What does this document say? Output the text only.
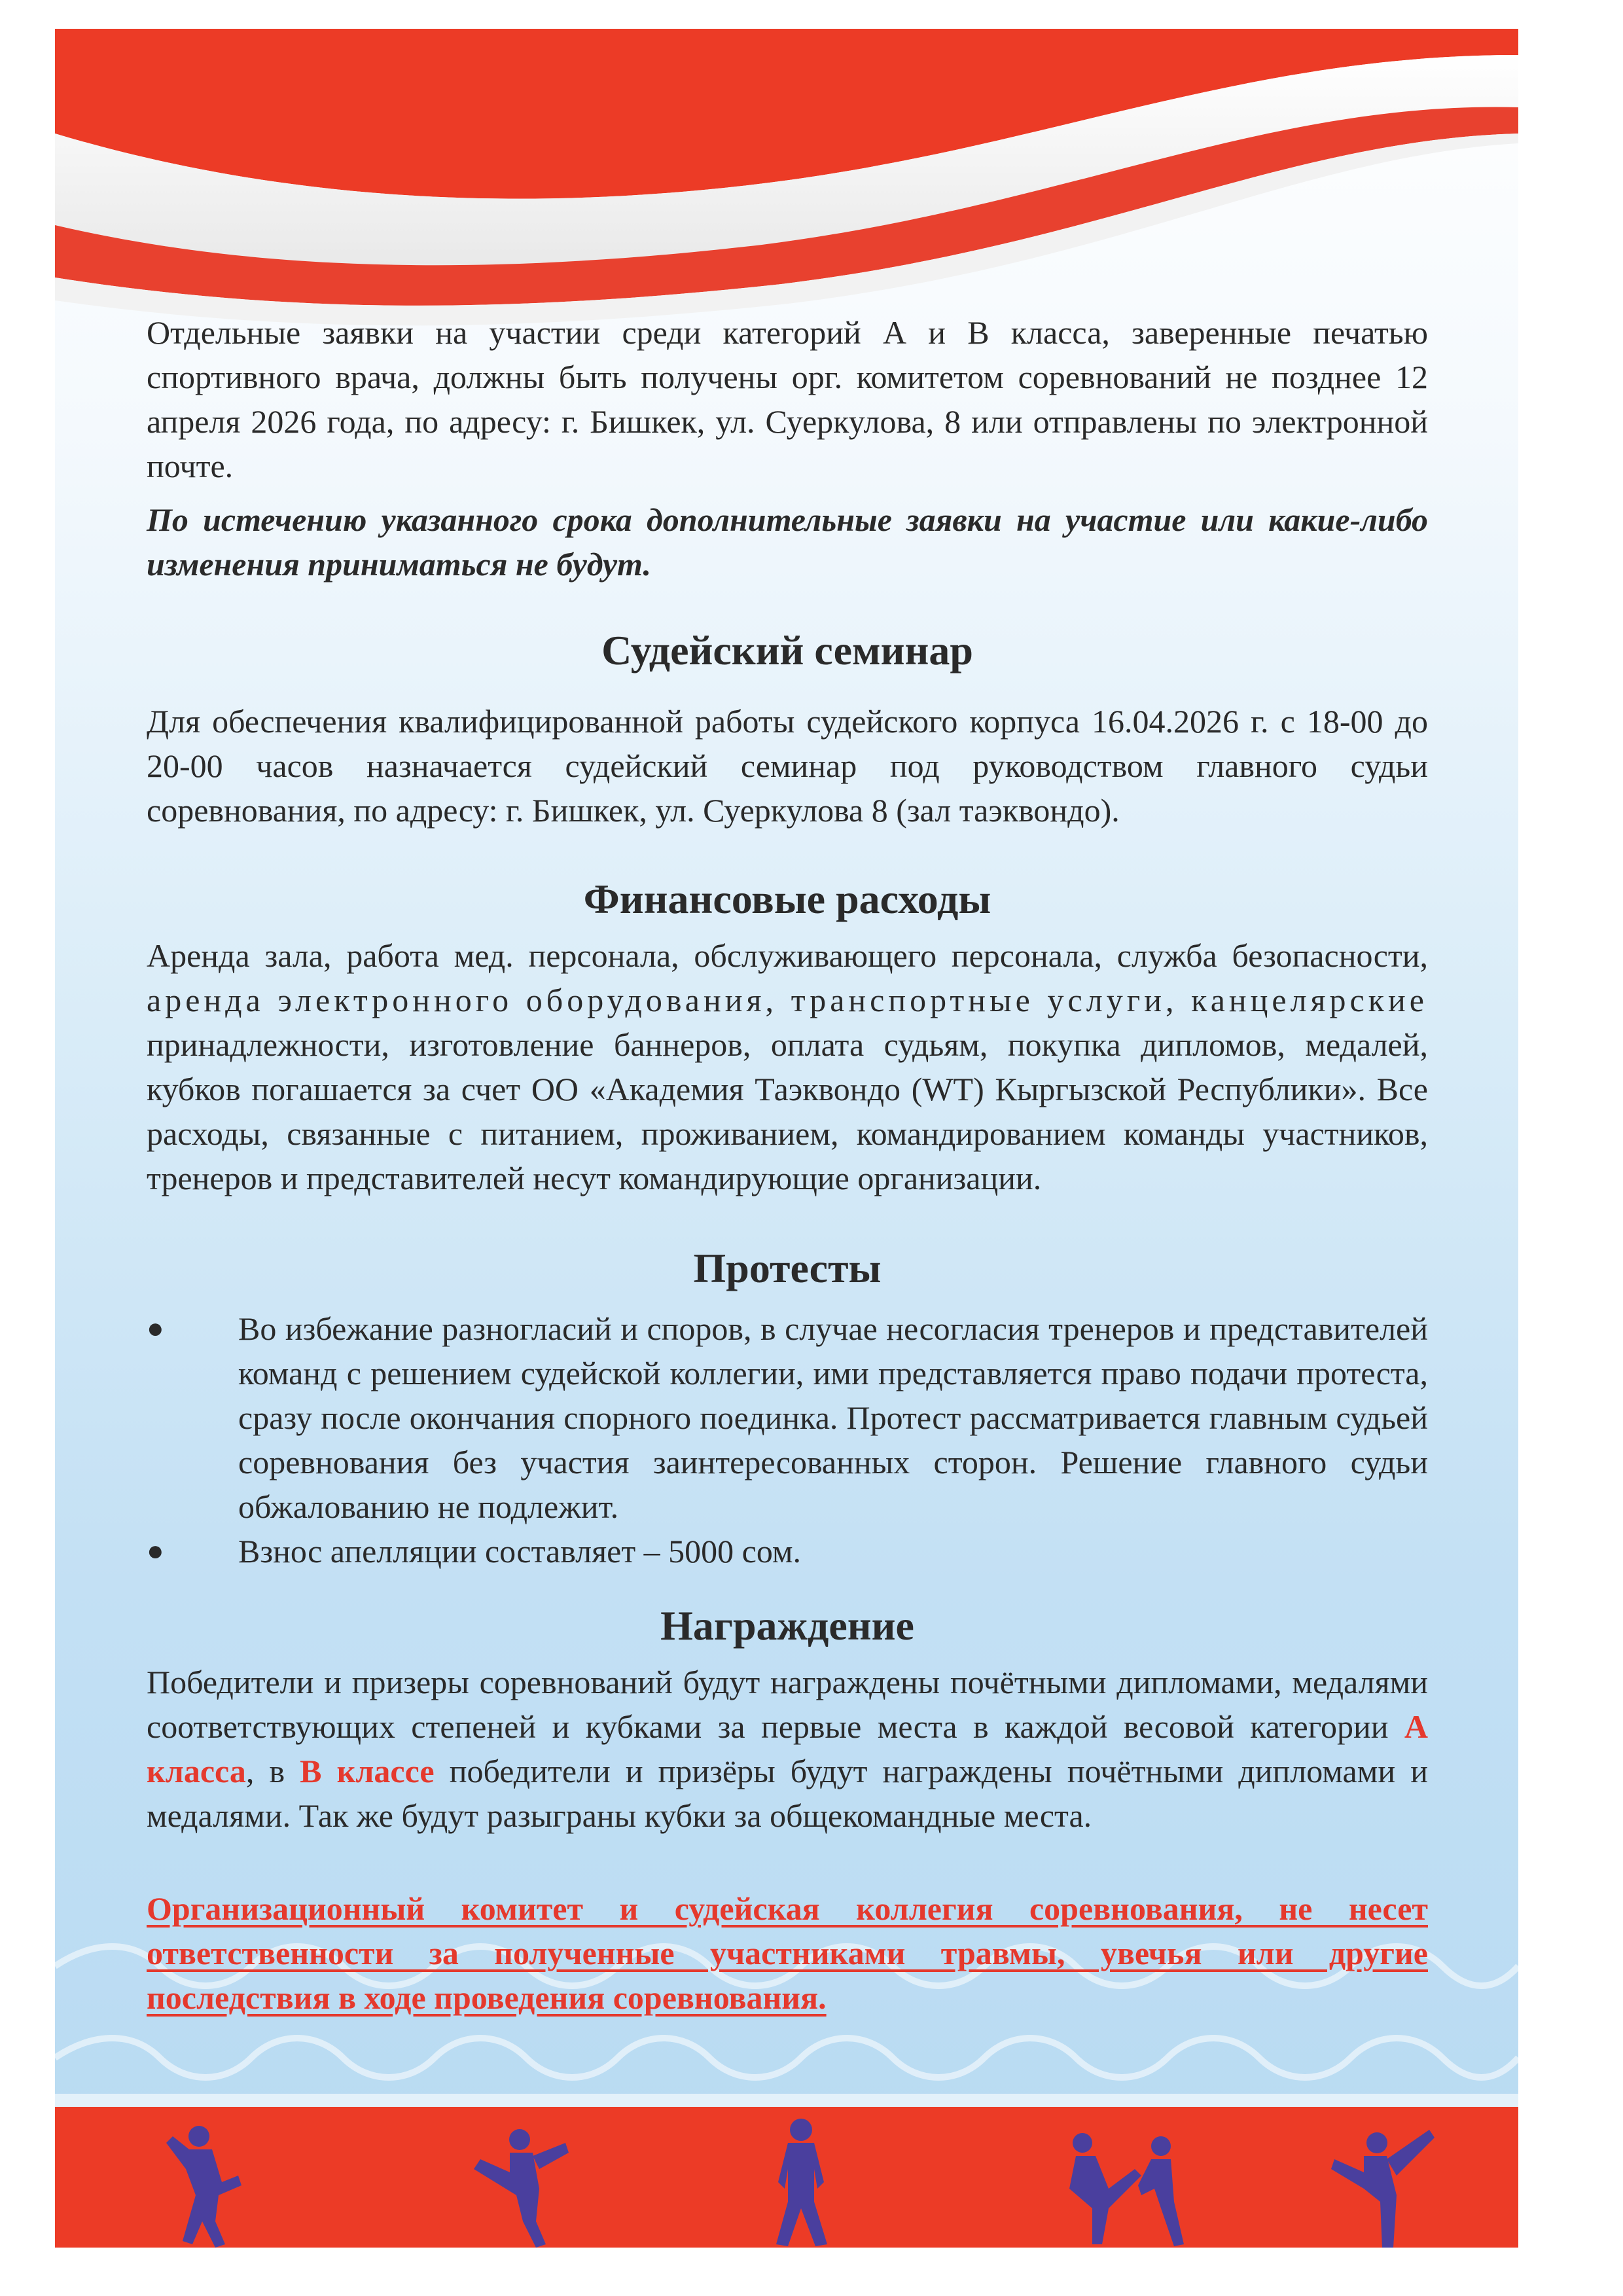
Отдельные заявки на участии среди категорий А и В класса, заверенные печатью спортивного врача, должны быть получены орг. комитетом соревнований не позднее 12 апреля 2026 года, по адресу: г. Бишкек, ул. Суеркулова, 8 или отправлены по электронной почте.

По истечению указанного срока дополнительные заявки на участие или какие-либо изменения приниматься не будут.

Судейский семинар

Для обеспечения квалифицированной работы судейского корпуса 16.04.2026 г. с 18-00 до 20-00 часов назначается судейский семинар под руководством главного судьи соревнования, по адресу: г. Бишкек, ул. Суеркулова 8 (зал таэквондо).

Финансовые расходы

Аренда зала, работа мед. персонала, обслуживающего персонала, служба безопасности, аренда электронного оборудования, транспортные услуги, канцелярские принадлежности, изготовление баннеров, оплата судьям, покупка дипломов, медалей, кубков погашается за счет ОО «Академия Таэквондо (WT) Кыргызской Республики». Все расходы, связанные с питанием, проживанием, командированием команды участников, тренеров и представителей несут командирующие организации.

Протесты
●	Во избежание разногласий и споров, в случае несогласия тренеров и представителей команд с решением судейской коллегии, ими представляется право подачи протеста, сразу после окончания спорного поединка. Протест рассматривается главным судьей соревнования без участия заинтересованных сторон. Решение главного судьи обжалованию не подлежит.
●	Взнос апелляции составляет – 5000 сом.
Награждение

Победители и призеры соревнований будут награждены почётными дипломами, медалями соответствующих степеней и кубками за первые места в каждой весовой категории А класса, в В классе победители и призёры будут награждены почётными дипломами и медалями. Так же будут разыграны кубки за общекомандные места.

Организационный комитет и судейская коллегия соревнования, не несет ответственности за полученные участниками травмы, увечья или другие последствия в ходе проведения соревнования.
